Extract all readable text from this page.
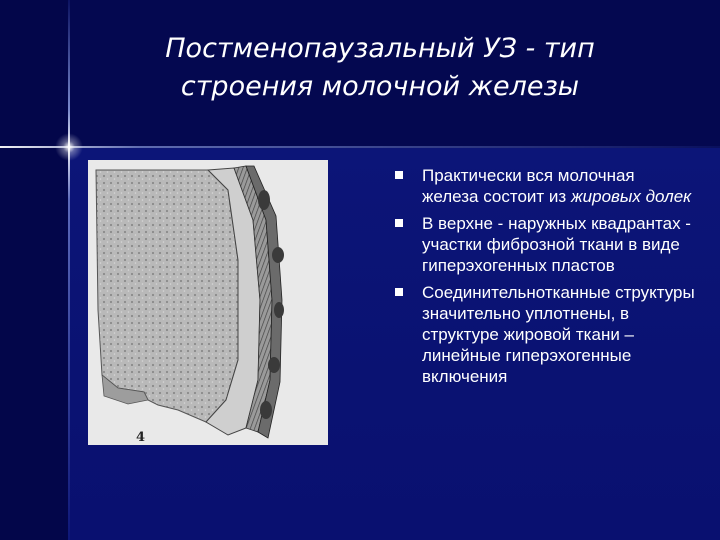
Постменопаузальный УЗ - тип
строения молочной железы
4
Практически вся молочная железа состоит из жировых долек
В верхне - наружных квадрантах - участки фиброзной ткани в виде гиперэхогенных пластов
Соединительнотканные структуры значительно уплотнены, в структуре жировой ткани – линейные гиперэхогенные включения
